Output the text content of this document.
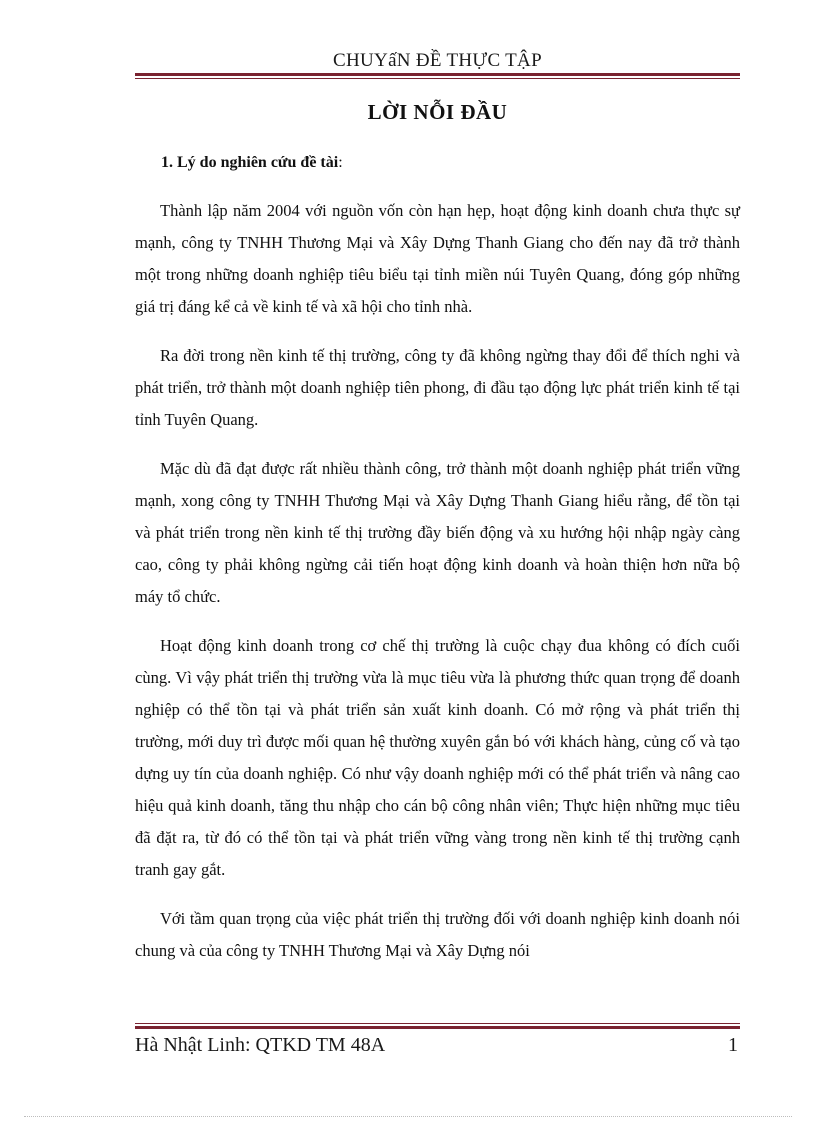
CHUYấN ĐỀ THỰC TẬP
LỜI NỖI ĐẦU
1. Lý do nghiên cứu đề tài:

Thành lập năm 2004 với nguồn vốn còn hạn hẹp, hoạt động kinh doanh chưa thực sự mạnh, công ty TNHH Thương Mại và Xây Dựng Thanh Giang cho đến nay đã trở thành một trong những doanh nghiệp tiêu biểu tại tỉnh miền núi Tuyên Quang, đóng góp những giá trị đáng kể cả về kinh tế và xã hội cho tỉnh nhà.

Ra đời trong nền kinh tế thị trường, công ty đã không ngừng thay đổi để thích nghi và phát triển, trở thành một doanh nghiệp tiên phong, đi đầu tạo động lực phát triển kinh tế tại tỉnh Tuyên Quang.

Mặc dù đã đạt được rất nhiều thành công, trở thành một doanh nghiệp phát triển vững mạnh, xong công ty TNHH Thương Mại và Xây Dựng Thanh Giang hiểu rằng, để tồn tại và phát triển trong nền kinh tế thị trường đầy biến động và xu hướng hội nhập ngày càng cao, công ty phải không ngừng cải tiến hoạt động kinh doanh và hoàn thiện hơn nữa bộ máy tổ chức.

Hoạt động kinh doanh trong cơ chế thị trường là cuộc chạy đua không có đích cuối cùng. Vì vậy phát triển thị trường vừa là mục tiêu vừa là phương thức quan trọng để doanh nghiệp có thể tồn tại và phát triển sản xuất kinh doanh. Có mở rộng và phát triển thị trường, mới duy trì được mối quan hệ thường xuyên gắn bó với khách hàng, củng cố và tạo dựng uy tín của doanh nghiệp. Có như vậy doanh nghiệp mới có thể phát triển và nâng cao hiệu quả kinh doanh, tăng thu nhập cho cán bộ công nhân viên; Thực hiện những mục tiêu đã đặt ra, từ đó có thể tồn tại và phát triển vững vàng trong nền kinh tế thị trường cạnh tranh gay gắt.

Với tầm quan trọng của việc phát triển thị trường đối với doanh nghiệp kinh doanh nói chung và của công ty TNHH Thương Mại và Xây Dựng nói

Hà Nhật Linh: QTKD TM 48A	1
